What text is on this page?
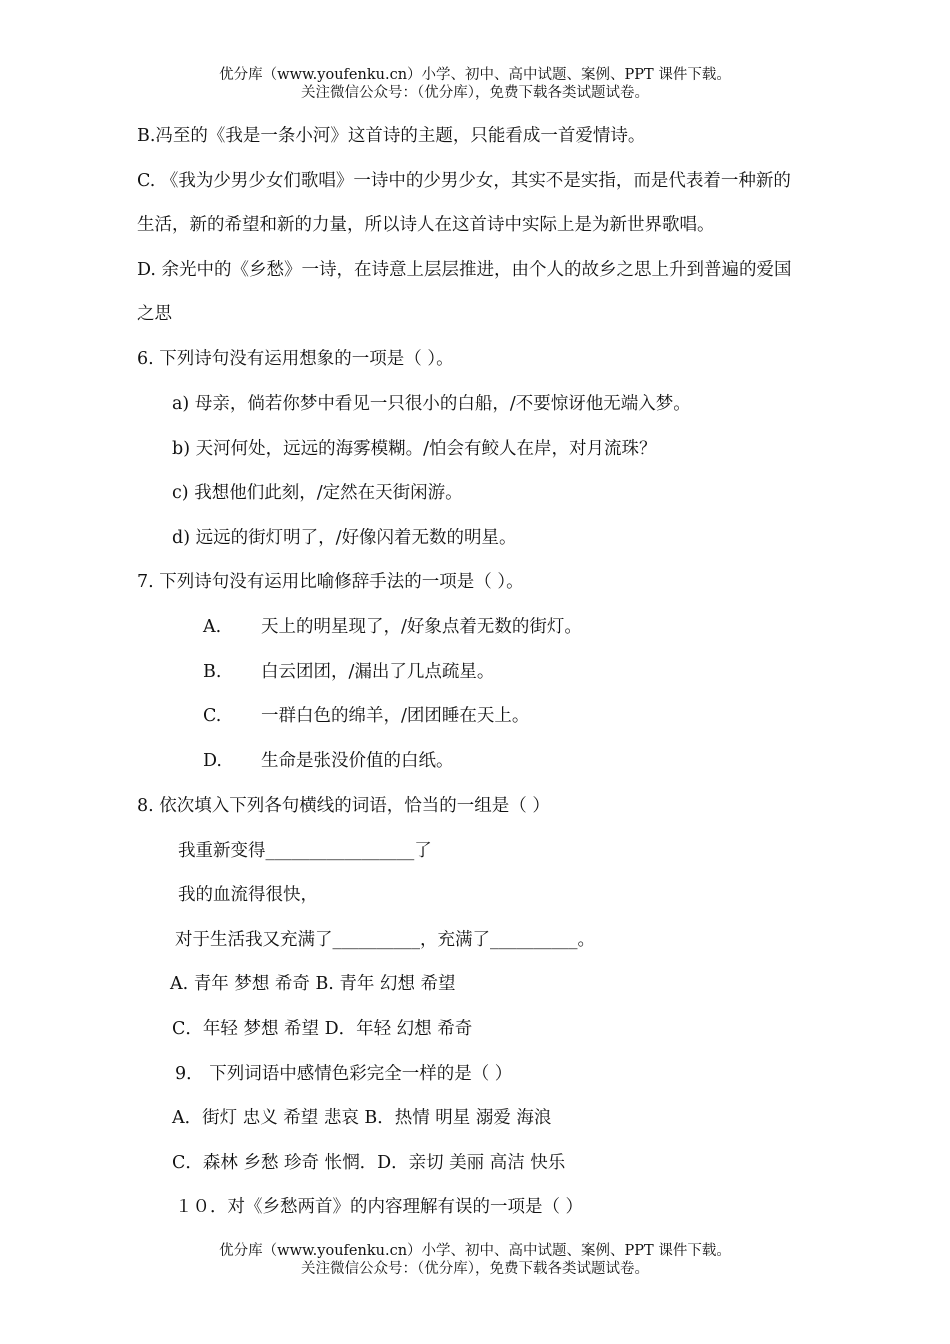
优分库（www.youfenku.cn）小学、初中、高中试题、案例、PPT 课件下载。
关注微信公众号：（优分库），免费下载各类试题试卷。
B.冯至的《我是一条小河》这首诗的主题，只能看成一首爱情诗。
C. 《我为少男少女们歌唱》一诗中的少男少女，其实不是实指，而是代表着一种新的
生活，新的希望和新的力量，所以诗人在这首诗中实际上是为新世界歌唱。
D. 余光中的《乡愁》一诗，在诗意上层层推进，由个人的故乡之思上升到普遍的爱国
之思
6. 下列诗句没有运用想象的一项是（ ）。
a) 母亲，倘若你梦中看见一只很小的白船，/不要惊讶他无端入梦。
b) 天河何处，远远的海雾模糊。/怕会有鲛人在岸，对月流珠？
c) 我想他们此刻，/定然在天街闲游。
d) 远远的街灯明了，/好像闪着无数的明星。
7. 下列诗句没有运用比喻修辞手法的一项是（ ）。
A. 天上的明星现了，/好象点着无数的街灯。
B. 白云团团，/漏出了几点疏星。
C. 一群白色的绵羊，/团团睡在天上。
D. 生命是张没价值的白纸。
8. 依次填入下列各句横线的词语，恰当的一组是（ ）
我重新变得_________________了
我的血流得很快，
对于生活我又充满了__________，充满了__________。
A. 青年 梦想 希奇 B. 青年 幻想 希望
C．年轻 梦想 希望 D．年轻 幻想 希奇
9． 下列词语中感情色彩完全一样的是（ ）
A．街灯 忠义 希望 悲哀 B．热情 明星 溺爱 海浪
C．森林 乡愁 珍奇 怅惘．D．亲切 美丽 高洁 快乐
１０．对《乡愁两首》的内容理解有误的一项是（ ）
优分库（www.youfenku.cn）小学、初中、高中试题、案例、PPT 课件下载。
关注微信公众号：（优分库），免费下载各类试题试卷。
